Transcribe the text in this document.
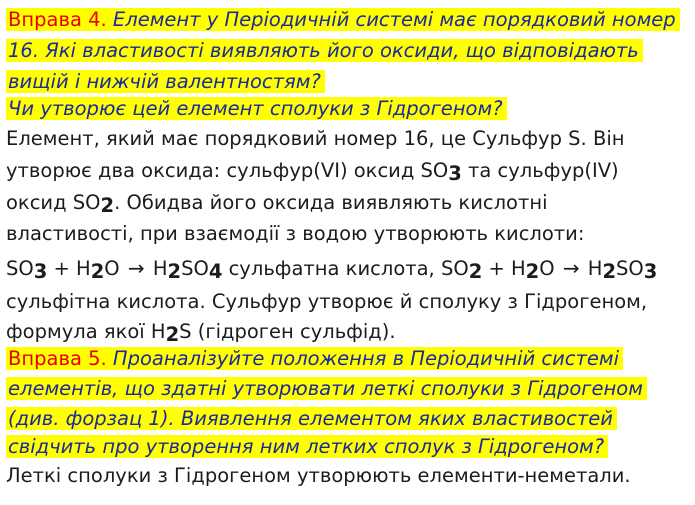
Вправа 4. Елемент у Періодичній системі має порядковий номер
16. Які властивості виявляють його оксиди, що відповідають
вищій і нижчій валентностям?
Чи утворює цей елемент сполуки з Гідрогеном?
Елемент, який має порядковий номер 16, це Сульфур S. Він
утворює два оксида: сульфур(VI) оксид $SO_3$ та сульфур(IV)
оксид $SO_2$. Обидва його оксида виявляють кислотні
властивості, при взаємодії з водою утворюють кислоти:
$SO_3 + H_2O \to H_2SO_4$ сульфатна кислота, $SO_2 + H_2O \to H_2SO_3$
сульфітна кислота. Сульфур утворює й сполуку з Гідрогеном,
формула якої $H_2S$ (гідроген сульфід).
Вправа 5. Проаналізуйте положення в Періодичній системі
елементів, що здатні утворювати леткі сполуки з Гідрогеном
(див. форзац 1). Виявлення елементом яких властивостей
свідчить про утворення ним летких сполук з Гідрогеном?
Леткі сполуки з Гідрогеном утворюють елементи-неметали.
